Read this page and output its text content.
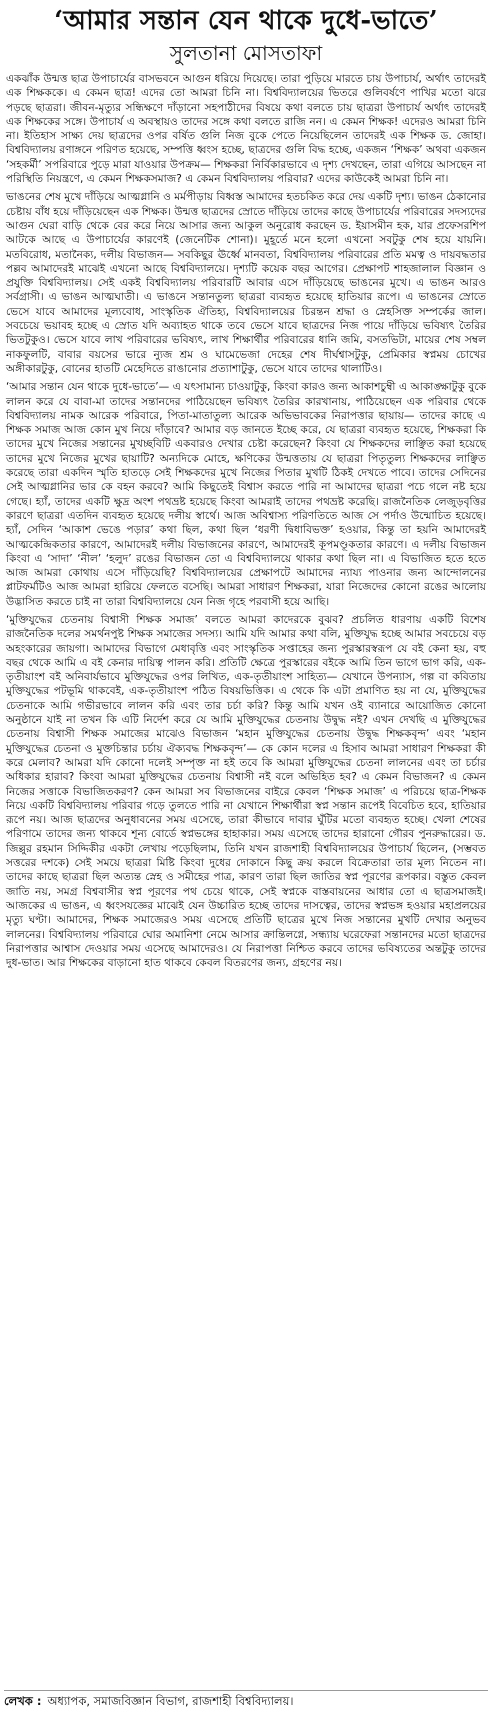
‘আমার সন্তান যেন থাকে দুধে-ভাতে’
সুলতানা মোসতাফা

একঝাঁক উন্মত্ত ছাত্র উপাচার্যের বাসভবনে আগুন ধরিয়ে দিয়েছে। তারা পুড়িয়ে মারতে চায় উপাচার্য, অর্থাৎ তাদেরই এক শিক্ষককে। এ কেমন ছাত্র! এদের তো আমরা চিনি না। বিশ্ববিদ্যালয়ের ভিতরে গুলিবর্ষণে পাখির মতো ঝরে পড়ছে ছাত্ররা। জীবন-মৃত্যুর সন্ধিক্ষণে দাঁড়ানো সহপাঠীদের বিষয়ে কথা বলতে চায় ছাত্ররা উপাচার্য অর্থাৎ তাদেরই এক শিক্ষকের সঙ্গে। উপাচার্য এ অবস্থায়ও তাদের সঙ্গে কথা বলতে রাজি নন। এ কেমন শিক্ষক! এদেরও আমরা চিনি না। ইতিহাস সাক্ষ্য দেয় ছাত্রদের ওপর বর্ষিত গুলি নিজ বুকে পেতে নিয়েছিলেন তাদেরই এক শিক্ষক ড. জোহা। বিশ্ববিদ্যালয় রণাঙ্গনে পরিণত হয়েছে, সম্পত্তি ধ্বংস হচ্ছে, ছাত্রদের গুলি বিদ্ধ হচ্ছে, একজন ‘শিক্ষক’ অথবা একজন ‘সহকর্মী’ সপরিবারে পুড়ে মারা যাওয়ার উপক্রম— শিক্ষকরা নির্বিকারভাবে এ দৃশ্য দেখছেন, তারা এগিয়ে আসছেন না পরিস্থিতি নিয়ন্ত্রণে, এ কেমন শিক্ষকসমাজ? এ কেমন বিশ্ববিদ্যালয় পরিবার? এদের কাউকেই আমরা চিনি না।

ভাঙনের শেষ মুখে দাঁড়িয়ে আত্মগ্লানি ও মর্মপীড়ায় বিধ্বস্ত আমাদের হতচকিত করে দেয় একটি দৃশ্য। ভাঙন ঠেকানোর চেষ্টায় বাঁধ হয়ে দাঁড়িয়েছেন এক শিক্ষক। উন্মত্ত ছাত্রদের স্রোতে দাঁড়িয়ে তাদের কাছে উপাচার্যের পরিবারের সদস্যদের আগুন ঘেরা বাড়ি থেকে বের করে নিয়ে আসার জন্য আকুল অনুরোধ করছেন ড. ইয়াসমীন হক, যার প্রফেসরশিপ আটকে আছে এ উপাচার্যের কারণেই (জেনেটিক শোনা)। মুহূর্তে মনে হলো এখনো সবটুকু শেষ হয়ে যায়নি। মতবিরোধ, মতানৈক্য, দলীয় বিভাজন— সবকিছুর ঊর্ধ্বে মানবতা, বিশ্ববিদ্যালয় পরিবারের প্রতি মমত্ব ও দায়বদ্ধতার পল্লব আমাদেরই মাঝেই এখনো আছে বিশ্ববিদ্যালয়ে। দৃশ্যটি কয়েক বছর আগের। প্রেক্ষাপট শাহজালাল বিজ্ঞান ও প্রযুক্তি বিশ্ববিদ্যালয়। সেই একই বিশ্ববিদ্যালয় পরিবারটি আবার এসে দাঁড়িয়েছে ভাঙনের মুখে। এ ভাঙন আরও সর্বগ্রাসী। এ ভাঙন আত্মঘাতী। এ ভাঙনে সন্তানতুল্য ছাত্ররা ব্যবহৃত হয়েছে হাতিয়ার রূপে। এ ভাঙনের স্রোতে ভেসে যাবে আমাদের মূল্যবোধ, সাংস্কৃতিক ঐতিহ্য, বিশ্ববিদ্যালয়ের চিরন্তন শ্রদ্ধা ও স্নেহসিক্ত সম্পর্কের জাল। সবচেয়ে ভয়াবহ হচ্ছে এ স্রোত যদি অব্যাহত থাকে তবে ভেসে যাবে ছাত্রদের নিজ পায়ে দাঁড়িয়ে ভবিষ্যৎ তৈরির ভিতটুকুও। ভেসে যাবে লাখ পরিবারের ভবিষ্যৎ, লাখ শিক্ষার্থীর পরিবারের ধানি জমি, বসতভিটা, মায়ের শেষ সম্বল নাকফুলটি, বাবার বয়সের ভারে ন্যুজ শ্রম ও ঘামেভেজা দেহের শেষ দীর্ঘশ্বাসটুকু, প্রেমিকার স্বপ্নময় চোখের অঙ্গীকারটুকু, বোনের হাতটি মেহেদিতে রাঙানোর প্রত্যাশাটুকু, ভেসে যাবে তাদের থালাটিও।

‘আমার সন্তান যেন থাকে দুধে-ভাতে’— এ যৎসামান্য চাওয়াটুকু, কিংবা কারও জন্য আকাশচুম্বী এ আকাঙ্ক্ষাটুকু বুকে লালন করে যে বাবা-মা তাদের সন্তানদের পাঠিয়েছেন ভবিষ্যৎ তৈরির কারখানায়, পাঠিয়েছেন এক পরিবার থেকে বিশ্ববিদ্যালয় নামক আরেক পরিবারে, পিতা-মাতাতুল্য আরেক অভিভাবকের নিরাপত্তার ছায়ায়— তাদের কাছে এ শিক্ষক সমাজ আজ কোন মুখ নিয়ে দাঁড়াবে? আমার বড় জানতে ইচ্ছে করে, যে ছাত্ররা ব্যবহৃত হয়েছে, শিক্ষকরা কি তাদের মুখে নিজের সন্তানের মুখচ্ছবিটি একবারও দেখার চেষ্টা করেছেন? কিংবা যে শিক্ষকদের লাঞ্ছিত করা হয়েছে তাদের মুখে নিজের মুখের ছায়াটি? অন্যদিকে মোহে, ক্ষণিকের উন্মত্ততায় যে ছাত্ররা পিতৃতুল্য শিক্ষকদের লাঞ্ছিত করেছে তারা একদিন স্মৃতি হাতড়ে সেই শিক্ষকদের মুখে নিজের পিতার মুখটি ঠিকই দেখতে পাবে। তাদের সেদিনের সেই আত্মগ্লানির ভার কে বহন করবে? আমি কিছুতেই বিশ্বাস করতে পারি না আমাদের ছাত্ররা পচে গলে নষ্ট হয়ে গেছে। হ্যাঁ, তাদের একটি ক্ষুদ্র অংশ পথভ্রষ্ট হয়েছে কিংবা আমরাই তাদের পথভ্রষ্ট করেছি। রাজনৈতিক লেজুড়বৃত্তির কারণে ছাত্ররা এতদিন ব্যবহৃত হয়েছে দলীয় স্বার্থে। আজ অবিশ্বাস্য পরিণতিতে আজ সে পর্দাও উন্মোচিত হয়েছে। হ্যাঁ, সেদিন ‘আকাশ ভেঙে পড়ার’ কথা ছিল, কথা ছিল ‘ধরণী দ্বিধাবিভক্ত’ হওয়ার, কিন্তু তা হয়নি আমাদেরই আত্মকেন্দ্রিকতার কারণে, আমাদেরই দলীয় বিভাজনের কারণে, আমাদেরই কূপমণ্ডূকতার কারণে। এ দলীয় বিভাজন কিংবা এ ‘সাদা’ ‘নীল’ ‘হলুদ’ রঙের বিভাজন তো এ বিশ্ববিদ্যালয়ে থাকার কথা ছিল না। এ বিভাজিত হতে হতে আজ আমরা কোথায় এসে দাঁড়িয়েছি? বিশ্ববিদ্যালয়ের প্রেক্ষাপটে আমাদের ন্যায্য পাওনার জন্য আন্দোলনের প্লাটফর্মটিও আজ আমরা হারিয়ে ফেলতে বসেছি। আমরা সাধারণ শিক্ষকরা, যারা নিজেদের কোনো রঙের আলোয় উদ্ভাসিত করতে চাই না তারা বিশ্ববিদ্যালয়ে যেন নিজ গৃহে পরবাসী হয়ে আছি।

‘মুক্তিযুদ্ধের চেতনায় বিশ্বাসী শিক্ষক সমাজ’ বলতে আমরা কাদেরকে বুঝব? প্রচলিত ধারণায় একটি বিশেষ রাজনৈতিক দলের সমর্থনপুষ্ট শিক্ষক সমাজের সদস্য। আমি যদি আমার কথা বলি, মুক্তিযুদ্ধ হচ্ছে আমার সবচেয়ে বড় অহংকারের জায়গা। আমাদের বিভাগে মেধাবৃত্তি এবং সাংস্কৃতিক সপ্তাহের জন্য পুরস্কারস্বরূপ যে বই কেনা হয়, বহু বছর থেকে আমি এ বই কেনার দায়িত্ব পালন করি। প্রতিটি ক্ষেত্রে পুরস্কারের বইকে আমি তিন ভাগে ভাগ করি, এক-তৃতীয়াংশ বই অনিবার্যভাবে মুক্তিযুদ্ধের ওপর লিখিত, এক-তৃতীয়াংশ সাহিত্য— যেখানে উপন্যাস, গল্প বা কবিতায় মুক্তিযুদ্ধের পটভূমি থাকবেই, এক-তৃতীয়াংশ পঠিত বিষয়ভিত্তিক। এ থেকে কি এটা প্রমাণিত হয় না যে, মুক্তিযুদ্ধের চেতনাকে আমি গভীরভাবে লালন করি এবং তার চর্চা করি? কিন্তু আমি যখন ওই ব্যানারে আয়োজিত কোনো অনুষ্ঠানে যাই না তখন কি এটি নির্দেশ করে যে আমি মুক্তিযুদ্ধের চেতনায় উদ্বুদ্ধ নই? এখন দেখছি এ মুক্তিযুদ্ধের চেতনায় বিশ্বাসী শিক্ষক সমাজের মাঝেও বিভাজন ‘মহান মুক্তিযুদ্ধের চেতনায় উদ্বুদ্ধ শিক্ষকবৃন্দ’ এবং ‘মহান মুক্তিযুদ্ধের চেতনা ও মুক্তচিন্তার চর্চায় ঐক্যবদ্ধ শিক্ষকবৃন্দ’— কে কোন দলের এ হিসাব আমরা সাধারণ শিক্ষকরা কী করে মেলাব? আমরা যদি কোনো দলেই সম্পৃক্ত না হই তবে কি আমরা মুক্তিযুদ্ধের চেতনা লালনের এবং তা চর্চার অধিকার হারাব? কিংবা আমরা মুক্তিযুদ্ধের চেতনায় বিশ্বাসী নই বলে অভিহিত হব? এ কেমন বিভাজন? এ কেমন নিজের সত্তাকে বিভাজিতকরণ? কেন আমরা সব বিভাজনের বাইরে কেবল ‘শিক্ষক সমাজ’ এ পরিচয়ে ছাত্র-শিক্ষক নিয়ে একটি বিশ্ববিদ্যালয় পরিবার গড়ে তুলতে পারি না যেখানে শিক্ষার্থীরা স্বপ্ন সন্তান রূপেই বিবেচিত হবে, হাতিয়ার রূপে নয়। আজ ছাত্রদের অনুধাবনের সময় এসেছে, তারা কীভাবে দাবার ঘুঁটির মতো ব্যবহৃত হচ্ছে। খেলা শেষের পরিণামে তাদের জন্য থাকবে শূন্য বোর্ডে স্বপ্নভঙ্গের হাহাকার। সময় এসেছে তাদের হারানো গৌরব পুনরুদ্ধারের। ড. জিল্লুর রহমান সিদ্দিকীর একটা লেখায় পড়েছিলাম, তিনি যখন রাজশাহী বিশ্ববিদ্যালয়ের উপাচার্য ছিলেন, (সম্ভবত সত্তরের দশকে) সেই সময়ে ছাত্ররা মিষ্টি কিংবা দুধের দোকানে কিছু ক্রয় করলে বিক্রেতারা তার মূল্য নিতেন না। তাদের কাছে ছাত্ররা ছিল অত্যন্ত স্নেহ ও সমীহের পাত্র, কারণ তারা ছিল জাতির স্বপ্ন পূরণের রূপকার। বস্তুত কেবল জাতি নয়, সমগ্র বিশ্ববাসীর স্বপ্ন পূরণের পথ চেয়ে থাকে, সেই স্বপ্নকে বাস্তবায়নের আধার তো এ ছাত্রসমাজই। আজকের এ ভাঙন, এ ধ্বংসযজ্ঞের মাঝেই যেন উচ্চারিত হচ্ছে তাদের দাসত্বের, তাদের স্বপ্নভঙ্গ হওয়ার মহাপ্রলয়ের মৃত্যু ঘণ্টা। আমাদের, শিক্ষক সমাজেরও সময় এসেছে প্রতিটি ছাত্রের মুখে নিজ সন্তানের মুখটি দেখার অনুভব লালনের। বিশ্ববিদ্যালয় পরিবারে ঘোর অমানিশা নেমে আসার ক্রান্তিলগ্নে, সন্ধ্যায় ঘরেফেরা সন্তানদের মতো ছাত্রদের নিরাপত্তার আশ্বাস দেওয়ার সময় এসেছে আমাদেরও। যে নিরাপত্তা নিশ্চিত করবে তাদের ভবিষ্যতের অন্তটুকু তাদের দুধ-ভাত। আর শিক্ষকের বাড়ানো হাত থাকবে কেবল বিতরণের জন্য, গ্রহণের নয়।

লেখক : অধ্যাপক, সমাজবিজ্ঞান বিভাগ, রাজশাহী বিশ্ববিদ্যালয়।
